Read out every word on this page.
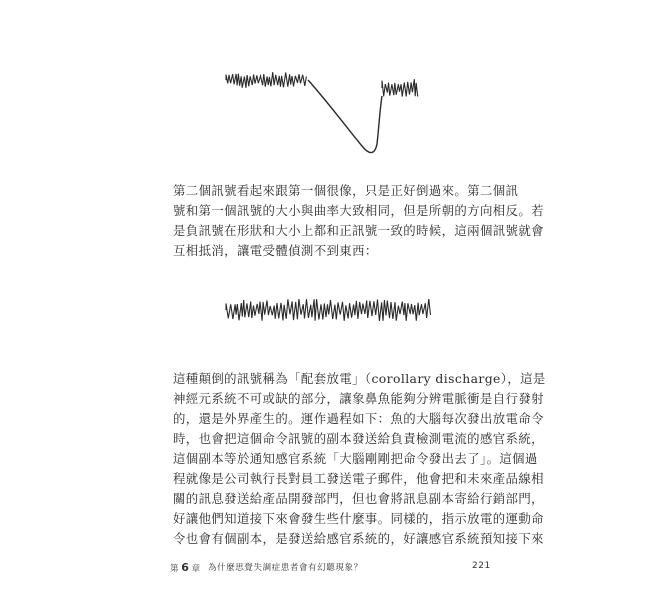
第二個訊號看起來跟第一個很像，只是正好倒過來。第二個訊
號和第一個訊號的大小與曲率大致相同，但是所朝的方向相反。若
是負訊號在形狀和大小上都和正訊號一致的時候，這兩個訊號就會
互相抵消，讓電受體偵測不到東西：

這種顛倒的訊號稱為「配套放電」（corollary discharge），這是
神經元系統不可或缺的部分，讓象鼻魚能夠分辨電脈衝是自行發射
的，還是外界產生的。運作過程如下：魚的大腦每次發出放電命令
時，也會把這個命令訊號的副本發送給負責檢測電流的感官系統，
這個副本等於通知感官系統「大腦剛剛把命令發出去了」。這個過
程就像是公司執行長對員工發送電子郵件，他會把和未來產品線相
關的訊息發送給產品開發部門，但也會將訊息副本寄給行銷部門，
好讓他們知道接下來會發生些什麼事。同樣的，指示放電的運動命
令也會有個副本，是發送給感官系統的，好讓感官系統預知接下來

第 6 章 為什麼思覺失調症患者會有幻聽現象？	221
